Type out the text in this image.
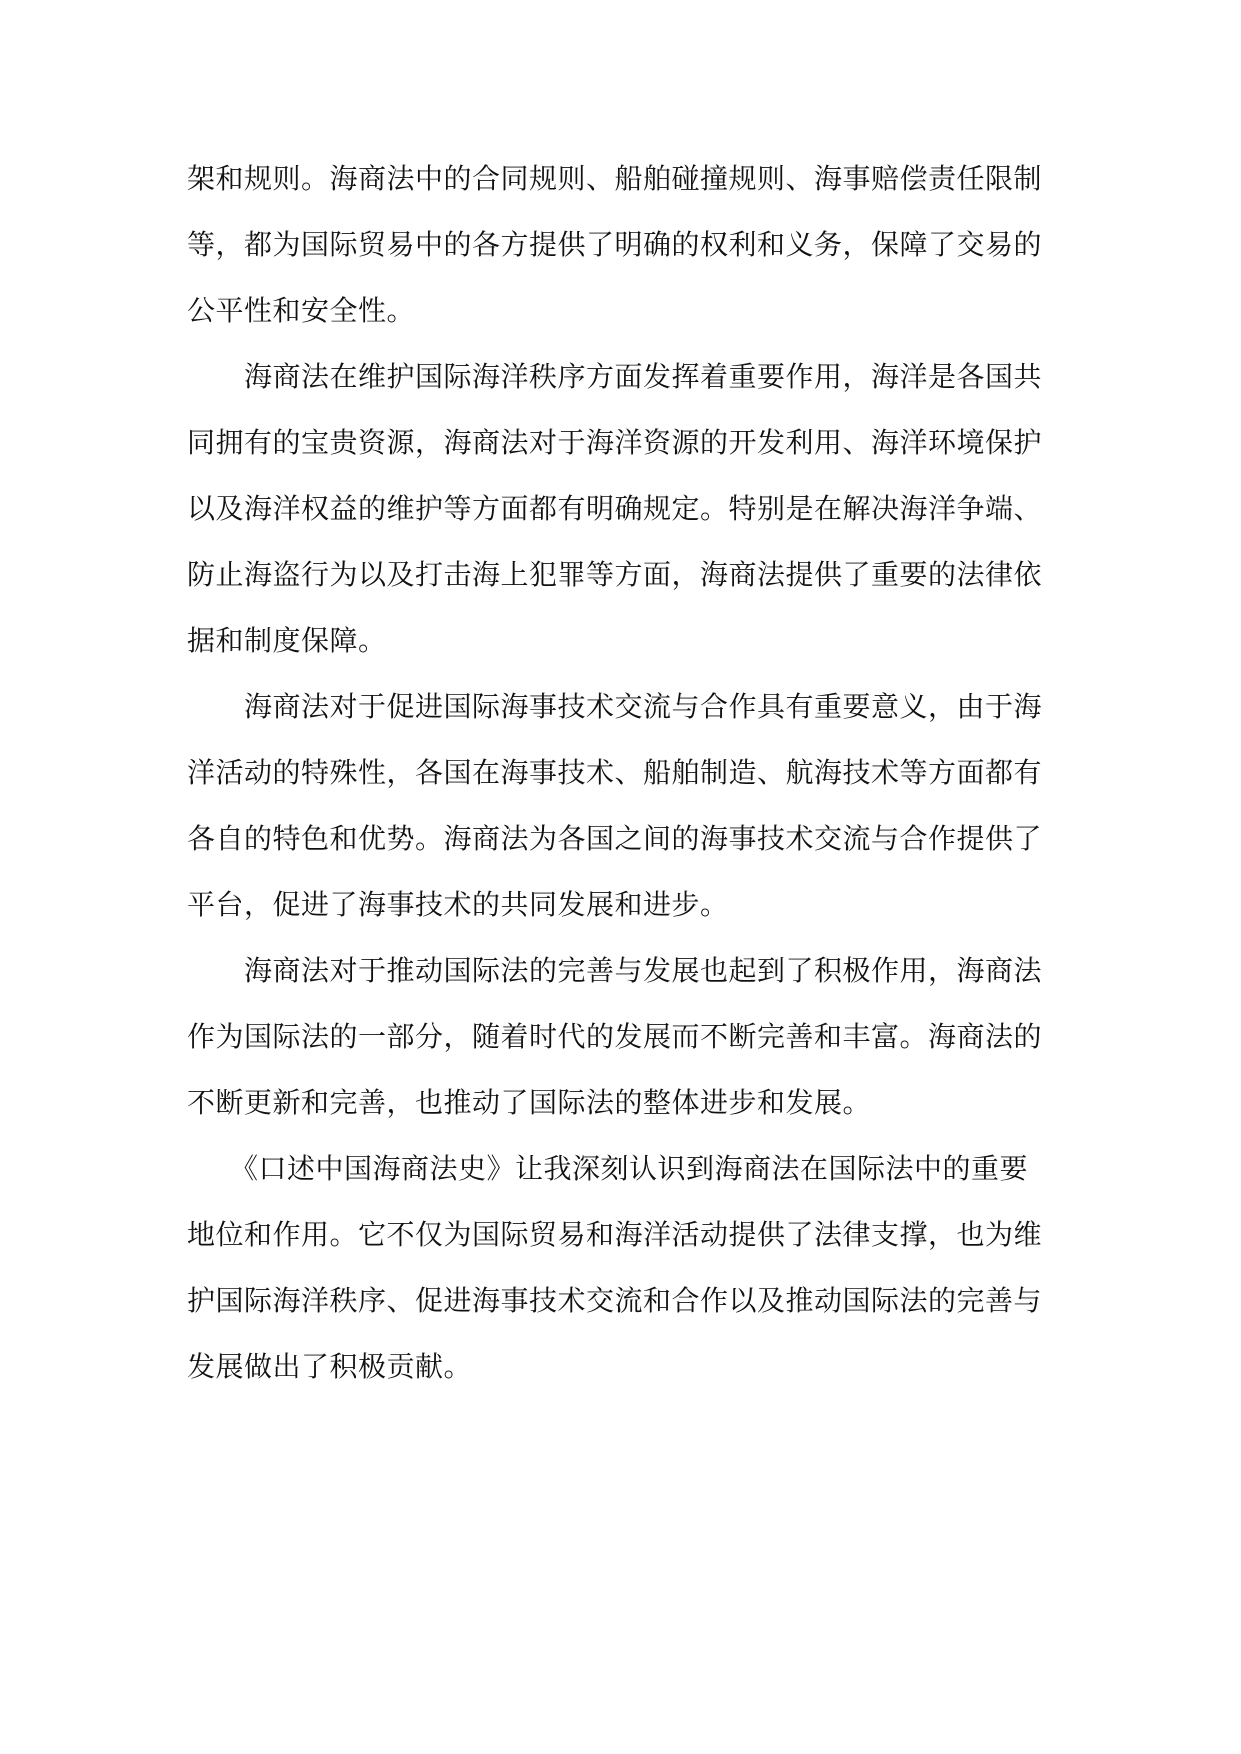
架和规则。海商法中的合同规则、船舶碰撞规则、海事赔偿责任限制
等，都为国际贸易中的各方提供了明确的权利和义务，保障了交易的
公平性和安全性。

　　海商法在维护国际海洋秩序方面发挥着重要作用，海洋是各国共
同拥有的宝贵资源，海商法对于海洋资源的开发利用、海洋环境保护
以及海洋权益的维护等方面都有明确规定。特别是在解决海洋争端、
防止海盗行为以及打击海上犯罪等方面，海商法提供了重要的法律依
据和制度保障。

　　海商法对于促进国际海事技术交流与合作具有重要意义，由于海
洋活动的特殊性，各国在海事技术、船舶制造、航海技术等方面都有
各自的特色和优势。海商法为各国之间的海事技术交流与合作提供了
平台，促进了海事技术的共同发展和进步。

　　海商法对于推动国际法的完善与发展也起到了积极作用，海商法
作为国际法的一部分，随着时代的发展而不断完善和丰富。海商法的
不断更新和完善，也推动了国际法的整体进步和发展。

　　《口述中国海商法史》让我深刻认识到海商法在国际法中的重要
地位和作用。它不仅为国际贸易和海洋活动提供了法律支撑，也为维
护国际海洋秩序、促进海事技术交流和合作以及推动国际法的完善与
发展做出了积极贡献。
